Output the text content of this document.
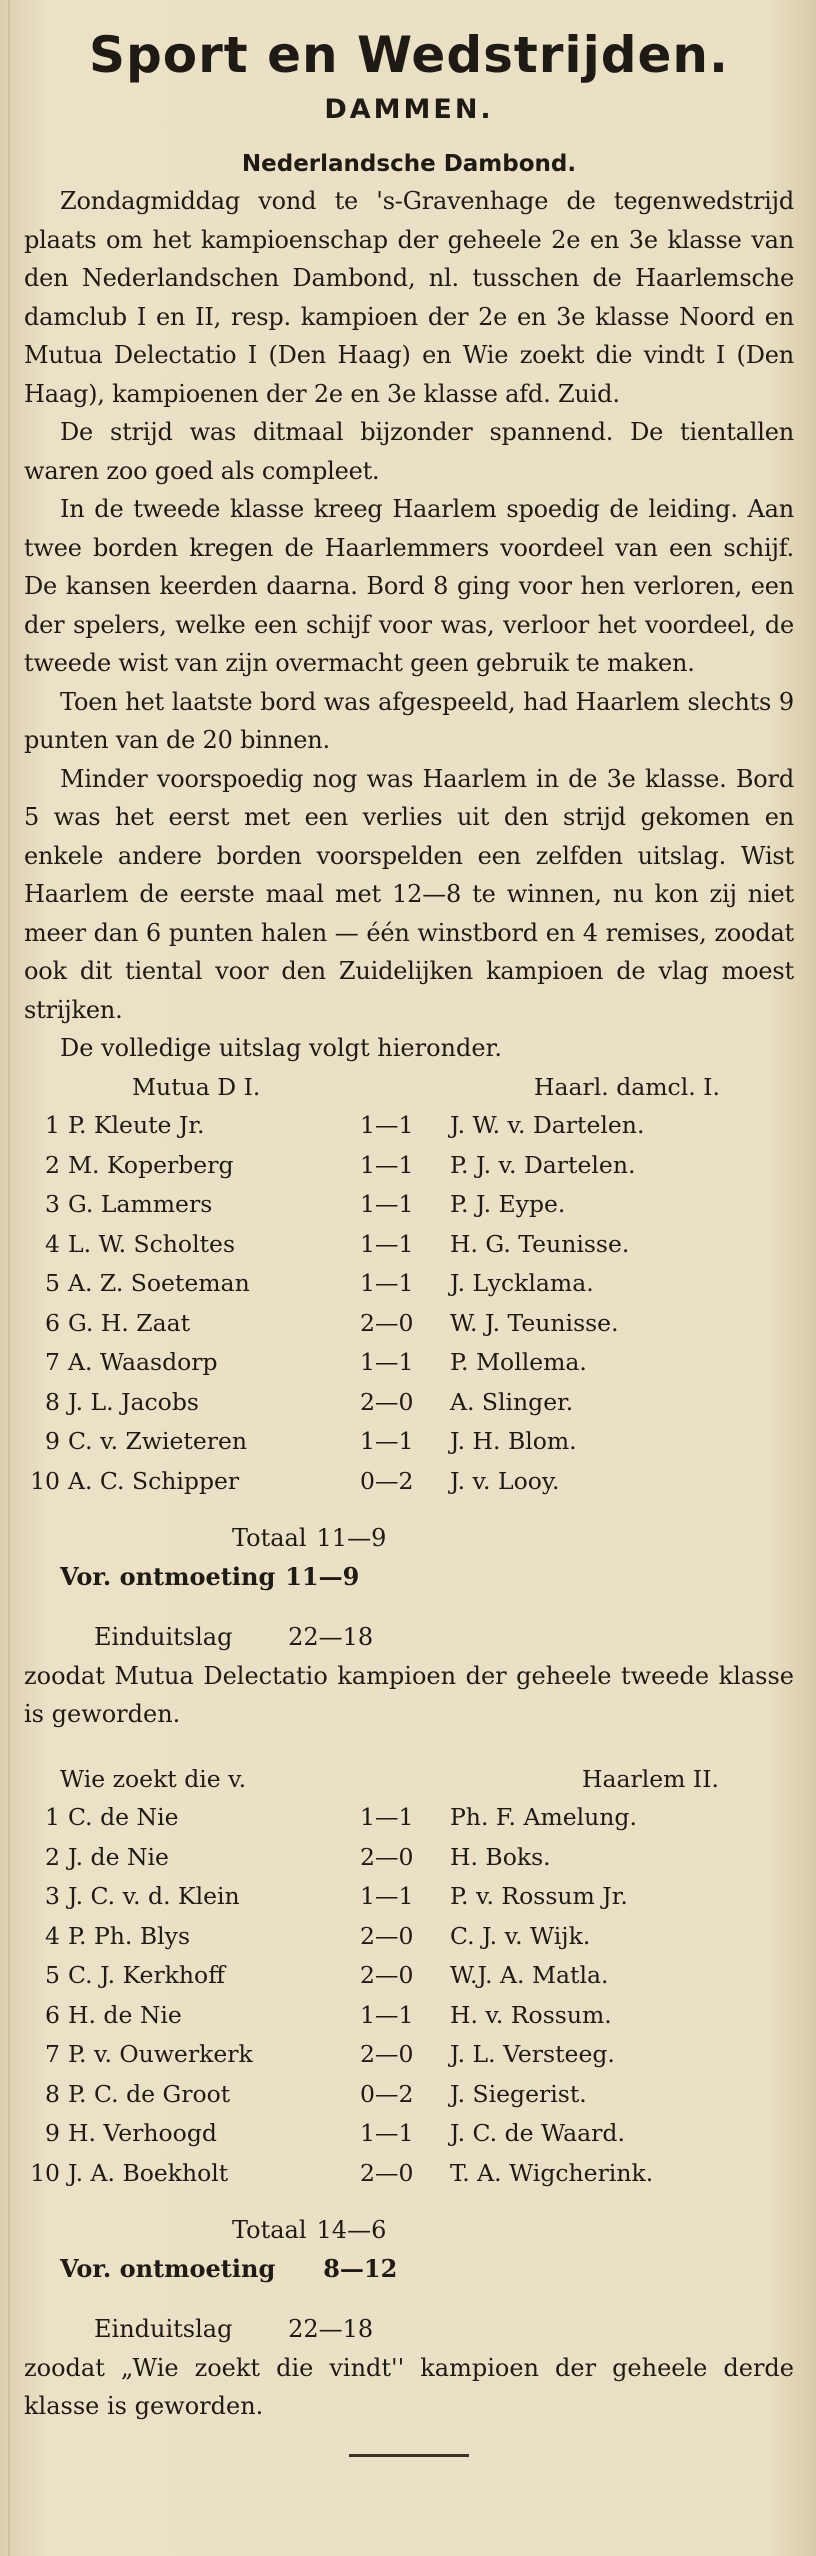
Sport en Wedstrijden.
DAMMEN.
Nederlandsche Dambond.

Zondagmiddag vond te 's-Gravenhage de tegenwedstrijd plaats om het kampioenschap der geheele 2e en 3e klasse van den Nederlandschen Dambond, nl. tusschen de Haarlemsche damclub I en II, resp. kampioen der 2e en 3e klasse Noord en Mutua Delectatio I (Den Haag) en Wie zoekt die vindt I (Den Haag), kampioenen der 2e en 3e klasse afd. Zuid.

De strijd was ditmaal bijzonder spannend. De tientallen waren zoo goed als compleet.

In de tweede klasse kreeg Haarlem spoedig de leiding. Aan twee borden kregen de Haarlemmers voordeel van een schijf. De kansen keerden daarna. Bord 8 ging voor hen verloren, een der spelers, welke een schijf voor was, verloor het voordeel, de tweede wist van zijn overmacht geen gebruik te maken.

Toen het laatste bord was afgespeeld, had Haarlem slechts 9 punten van de 20 binnen.

Minder voorspoedig nog was Haarlem in de 3e klasse. Bord 5 was het eerst met een verlies uit den strijd gekomen en enkele andere borden voorspelden een zelfden uitslag. Wist Haarlem de eerste maal met 12—8 te winnen, nu kon zij niet meer dan 6 punten halen — één winstbord en 4 remises, zoodat ook dit tiental voor den Zuidelijken kampioen de vlag moest strijken.

De volledige uitslag volgt hieronder.

Mutua D I.	Haarl. damcl. I.
1 P. Kleute Jr.	1—1	J. W. v. Dartelen.
2 M. Koperberg	1—1	P. J. v. Dartelen.
3 G. Lammers	1—1	P. J. Eype.
4 L. W. Scholtes	1—1	H. G. Teunisse.
5 A. Z. Soeteman	1—1	J. Lycklama.
6 G. H. Zaat	2—0	W. J. Teunisse.
7 A. Waasdorp	1—1	P. Mollema.
8 J. L. Jacobs	2—0	A. Slinger.
9 C. v. Zwieteren	1—1	J. H. Blom.
10 A. C. Schipper	0—2	J. v. Looy.
Totaal 11—9
Vor. ontmoeting 11—9
Einduitslag 22—18

zoodat Mutua Delectatio kampioen der geheele tweede klasse is geworden.

Wie zoekt die v.	Haarlem II.
1 C. de Nie	1—1	Ph. F. Amelung.
2 J. de Nie	2—0	H. Boks.
3 J. C. v. d. Klein	1—1	P. v. Rossum Jr.
4 P. Ph. Blys	2—0	C. J. v. Wijk.
5 C. J. Kerkhoff	2—0	W.J. A. Matla.
6 H. de Nie	1—1	H. v. Rossum.
7 P. v. Ouwerkerk	2—0	J. L. Versteeg.
8 P. C. de Groot	0—2	J. Siegerist.
9 H. Verhoogd	1—1	J. C. de Waard.
10 J. A. Boekholt	2—0	T. A. Wigcherink.
Totaal 14—6
Vor. ontmoeting 8—12
Einduitslag 22—18

zoodat „Wie zoekt die vindt'' kampioen der geheele derde klasse is geworden.
